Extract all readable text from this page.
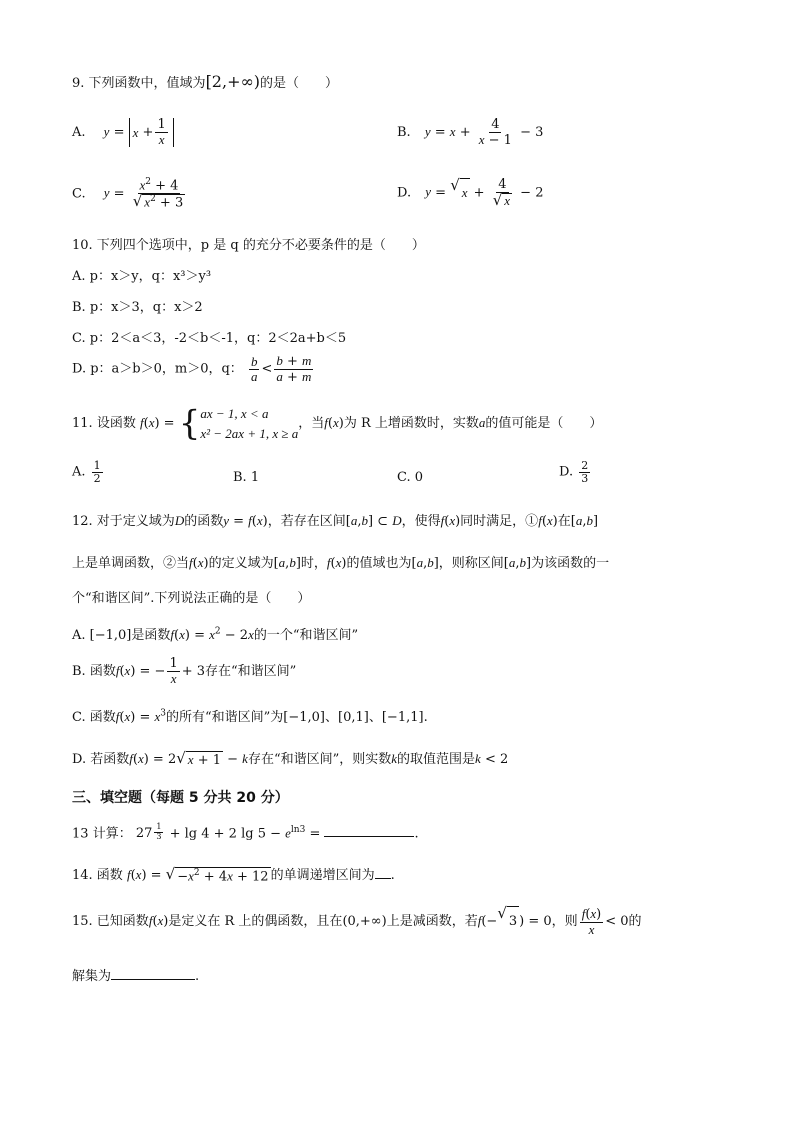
9. 下列函数中，值域为[2,+∞)的是（　　）
A. $y = x + \frac{1}{x}$	B. $y = x + \frac{4}{x - 1} - 3$
C. $y = \frac{x^2 + 4}{√ x^2 + 3}$	D. y = √ $x + \frac{4}{√ x} - 2$
10. 下列四个选项中，p 是 q 的充分不必要条件的是（　　）
A. p：x＞y，q：x³＞y³
B. p：x＞3，q：x＞2
C. p：2＜a＜3，-2＜b＜-1，q：2＜2a+b＜5
D. p：a＞b＞0，m＞0，q： $\frac{b}{a} < \frac{b + m}{a + m}$
11. 设函数 f(x) = { ax − 1, x < a
x² − 2ax + 1, x ≥ a
，当f(x)为 R 上增函数时，实数a的值可能是（　　）
A. $\frac{1}{2}$	B. 1	C. 0	D. $\frac{2}{3}$
12. 对于定义域为D的函数y = f(x)，若存在区间[a,b] ⊂ D，使得f(x)同时满足，①f(x)在[a,b]
上是单调函数，②当f(x)的定义域为[a,b]时，f(x)的值域也为[a,b]，则称区间[a,b]为该函数的一
个“和谐区间”.下列说法正确的是（　　）
A. [−1,0]是函数$f(x) = x^2 - 2x$的一个“和谐区间”
B. 函数f(x) = − $\frac{1}{x} + 3$存在“和谐区间”
C. 函数$f(x) = x^3$的所有“和谐区间”为[−1,0]、[0,1]、[−1,1].
D. 若函数f(x) = 2 √ x + 1 − k存在“和谐区间”，则实数k的取值范围是k < 2
三、填空题（每题 5 分共 20 分）
13 计算： 27 $^{\frac{1}{3}}$ + lg 4 + 2 $\lg 5 - e^{ln3}$ =	.
14. 函数 f(x) = √ $-x^2 + 4x + 12$ 的单调递增区间为 .
15. 已知函数f(x)是定义在 R 上的偶函数，且在(0,+∞)上是减函数，若f(− √ 3 ) = 0，则 $\frac{f(x)}{x} < 0$的
解集为	.
